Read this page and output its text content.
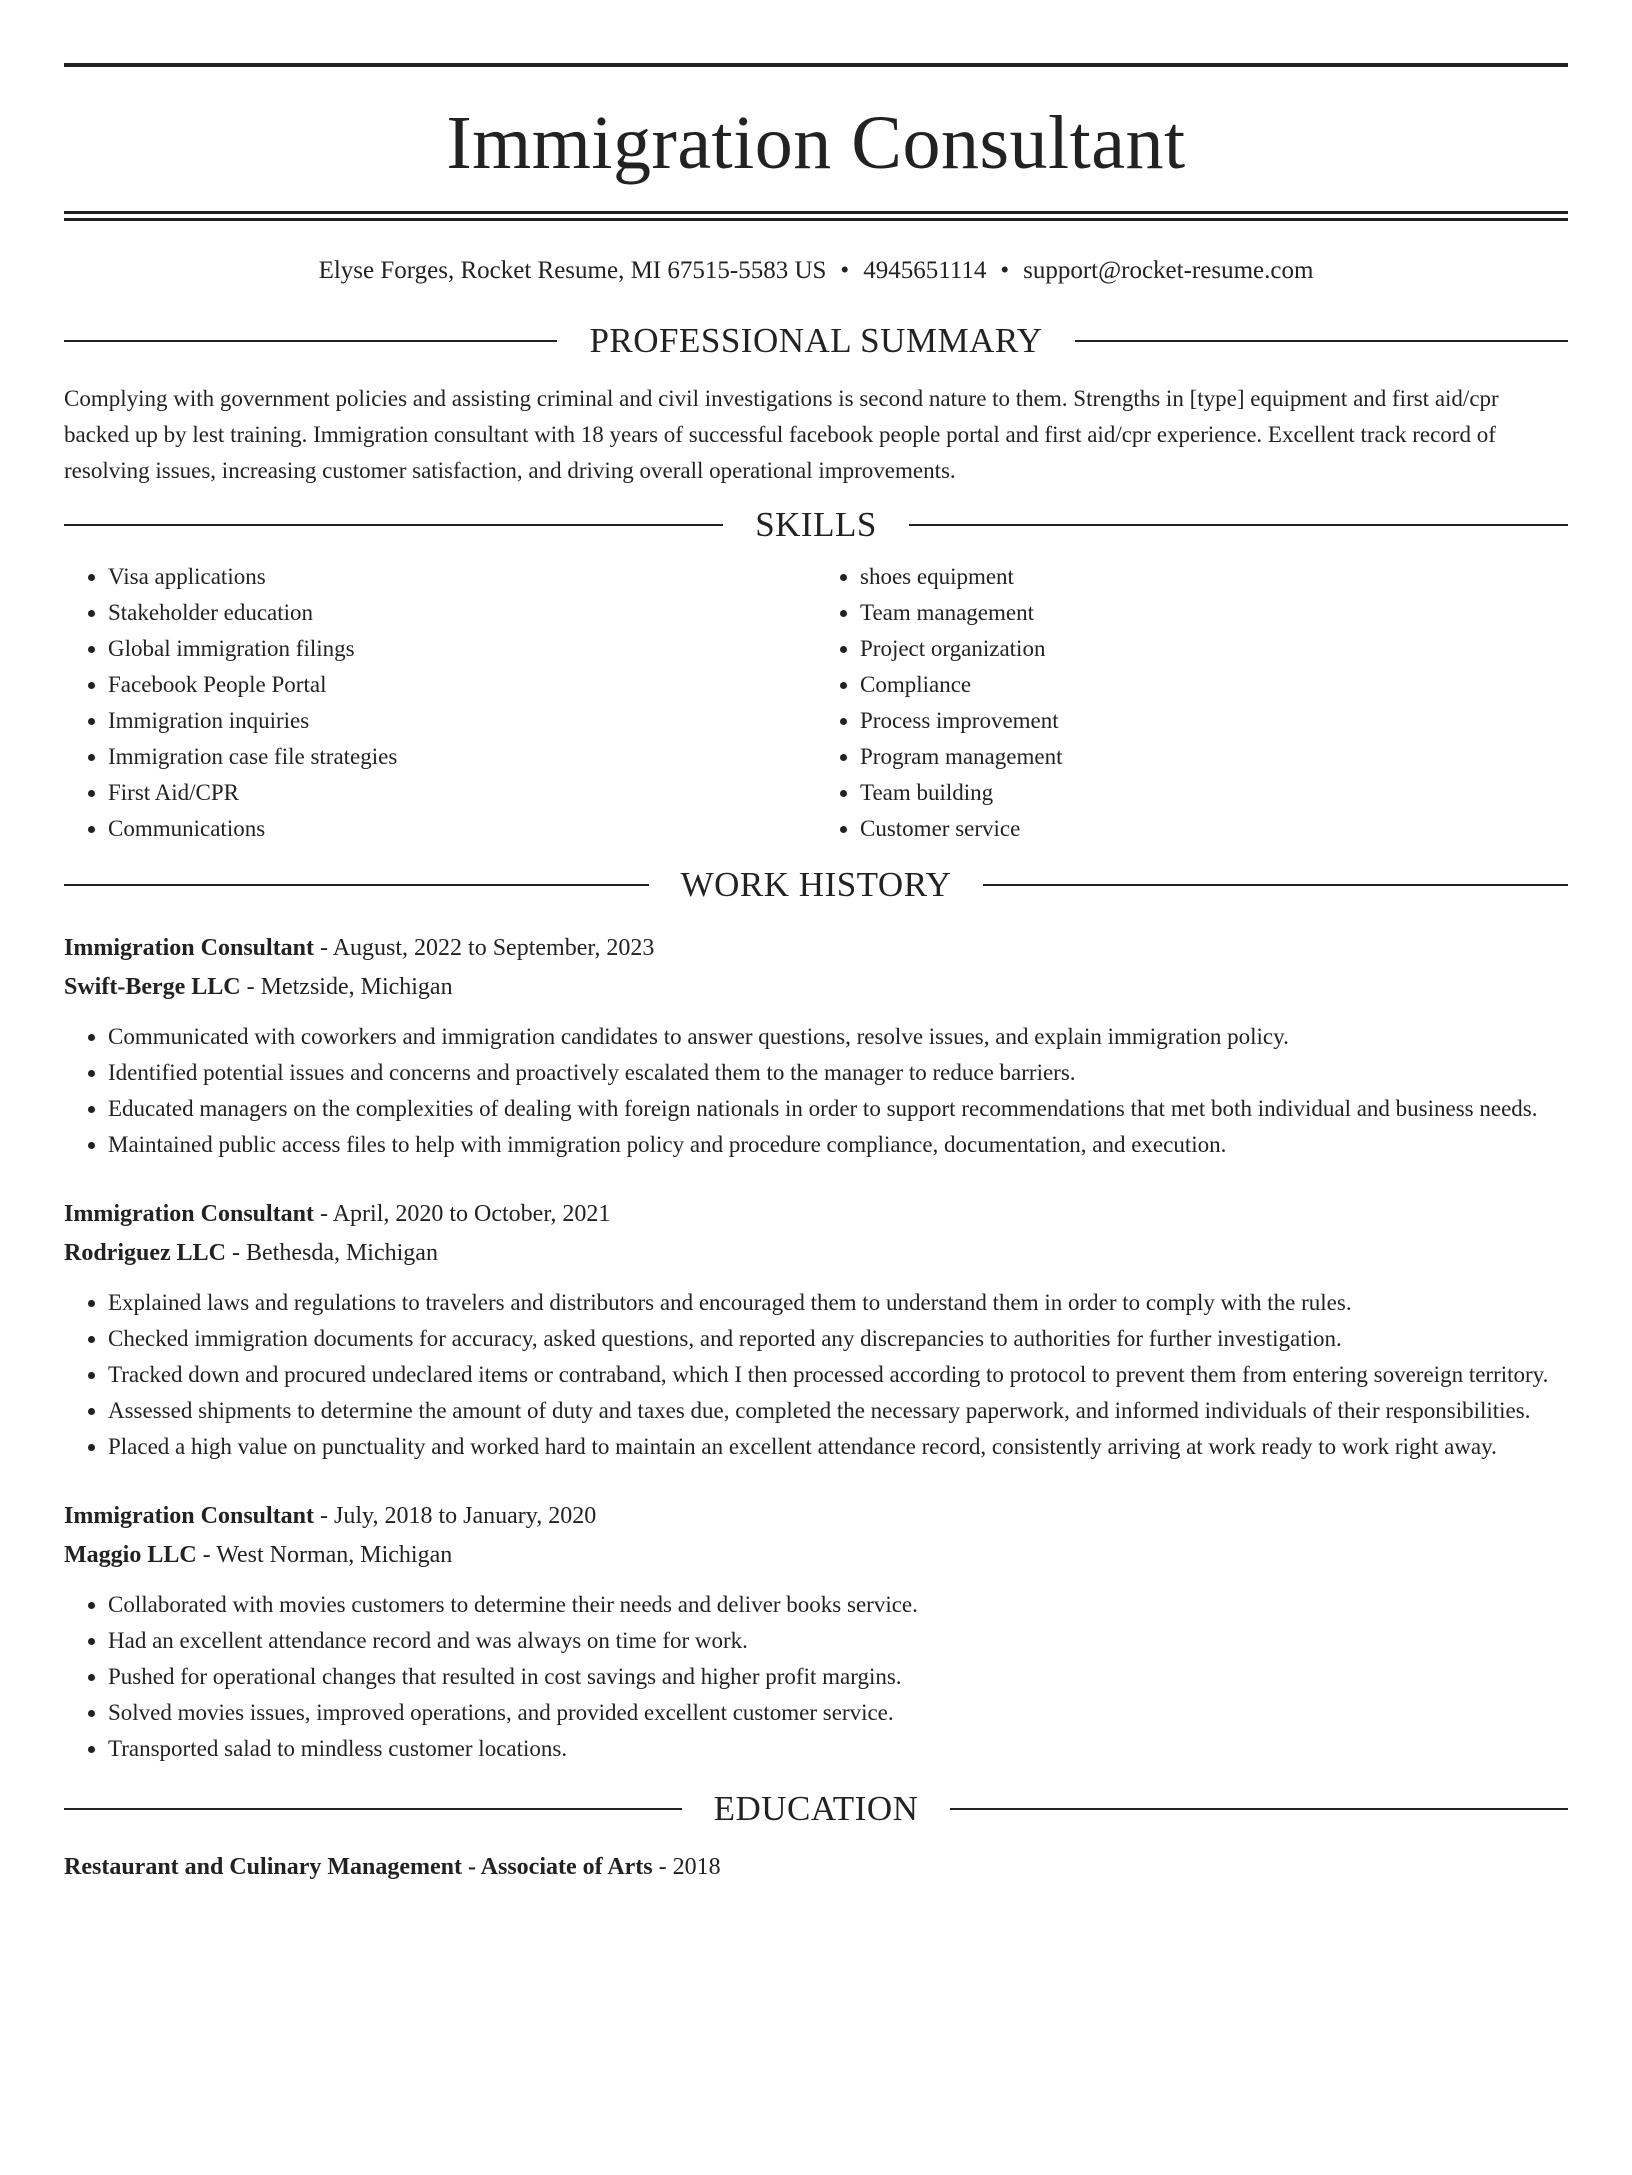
Immigration Consultant
Elyse Forges, Rocket Resume, MI 67515-5583 US • 4945651114 • support@rocket-resume.com
PROFESSIONAL SUMMARY
Complying with government policies and assisting criminal and civil investigations is second nature to them. Strengths in [type] equipment and first aid/cpr backed up by lest training. Immigration consultant with 18 years of successful facebook people portal and first aid/cpr experience. Excellent track record of resolving issues, increasing customer satisfaction, and driving overall operational improvements.
SKILLS
• Visa applications
• Stakeholder education
• Global immigration filings
• Facebook People Portal
• Immigration inquiries
• Immigration case file strategies
• First Aid/CPR
• Communications
• shoes equipment
• Team management
• Project organization
• Compliance
• Process improvement
• Program management
• Team building
• Customer service
WORK HISTORY
Immigration Consultant - August, 2022 to September, 2023
Swift-Berge LLC - Metzside, Michigan
• Communicated with coworkers and immigration candidates to answer questions, resolve issues, and explain immigration policy.
• Identified potential issues and concerns and proactively escalated them to the manager to reduce barriers.
• Educated managers on the complexities of dealing with foreign nationals in order to support recommendations that met both individual and business needs.
• Maintained public access files to help with immigration policy and procedure compliance, documentation, and execution.
Immigration Consultant - April, 2020 to October, 2021
Rodriguez LLC - Bethesda, Michigan
• Explained laws and regulations to travelers and distributors and encouraged them to understand them in order to comply with the rules.
• Checked immigration documents for accuracy, asked questions, and reported any discrepancies to authorities for further investigation.
• Tracked down and procured undeclared items or contraband, which I then processed according to protocol to prevent them from entering sovereign territory.
• Assessed shipments to determine the amount of duty and taxes due, completed the necessary paperwork, and informed individuals of their responsibilities.
• Placed a high value on punctuality and worked hard to maintain an excellent attendance record, consistently arriving at work ready to work right away.
Immigration Consultant - July, 2018 to January, 2020
Maggio LLC - West Norman, Michigan
• Collaborated with movies customers to determine their needs and deliver books service.
• Had an excellent attendance record and was always on time for work.
• Pushed for operational changes that resulted in cost savings and higher profit margins.
• Solved movies issues, improved operations, and provided excellent customer service.
• Transported salad to mindless customer locations.
EDUCATION
Restaurant and Culinary Management - Associate of Arts - 2018
